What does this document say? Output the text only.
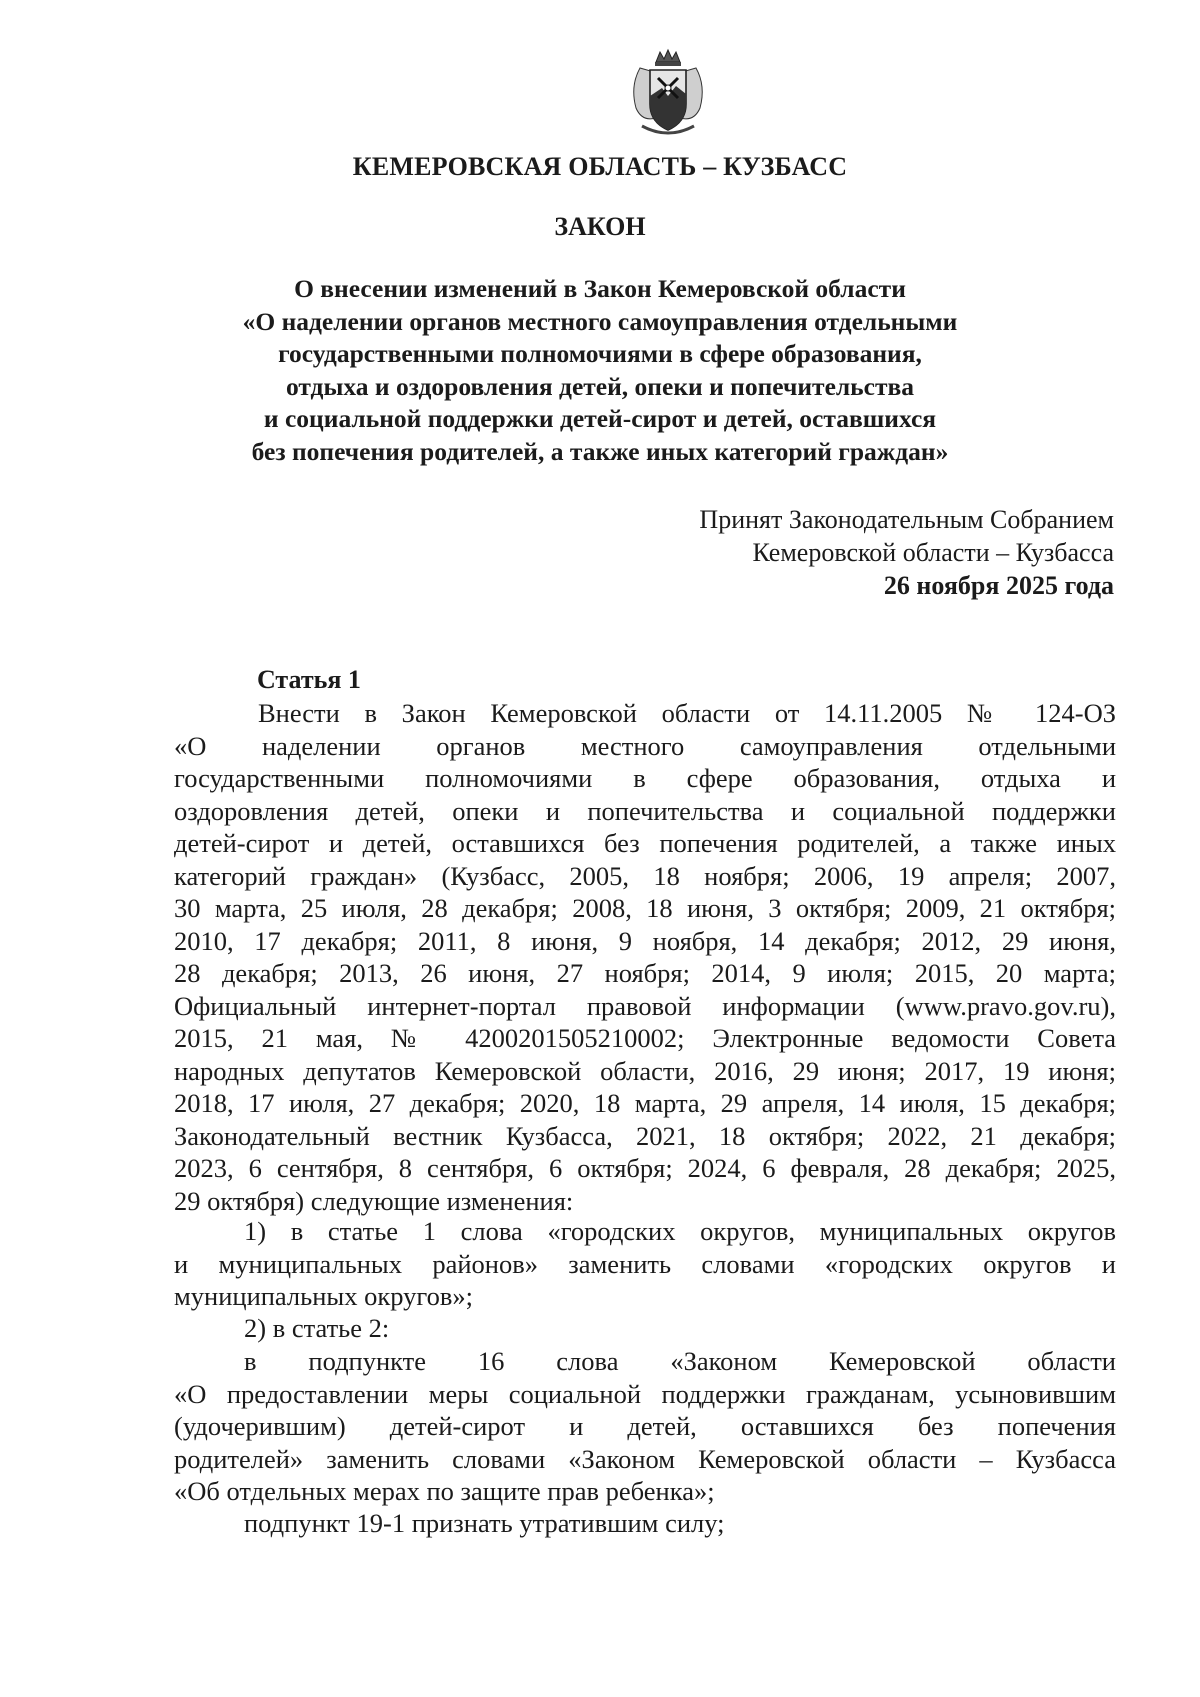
КЕМЕРОВСКАЯ ОБЛАСТЬ – КУЗБАСС
ЗАКОН
О внесении изменений в Закон Кемеровской области
«О наделении органов местного самоуправления отдельными
государственными полномочиями в сфере образования,
отдыха и оздоровления детей, опеки и попечительства
и социальной поддержки детей-сирот и детей, оставшихся
без попечения родителей, а также иных категорий граждан»
Принят Законодательным Собранием
Кемеровской области – Кузбасса
26 ноября 2025 года
Статья 1
Внести в Закон Кемеровской области от 14.11.2005 № 124-ОЗ
«О наделении органов местного самоуправления отдельными
государственными полномочиями в сфере образования, отдыха и
оздоровления детей, опеки и попечительства и социальной поддержки
детей-сирот и детей, оставшихся без попечения родителей, а также иных
категорий граждан» (Кузбасс, 2005, 18 ноября; 2006, 19 апреля; 2007,
30 марта, 25 июля, 28 декабря; 2008, 18 июня, 3 октября; 2009, 21 октября;
2010, 17 декабря; 2011, 8 июня, 9 ноября, 14 декабря; 2012, 29 июня,
28 декабря; 2013, 26 июня, 27 ноября; 2014, 9 июля; 2015, 20 марта;
Официальный интернет-портал правовой информации (www.pravo.gov.ru),
2015, 21 мая, № 4200201505210002; Электронные ведомости Совета
народных депутатов Кемеровской области, 2016, 29 июня; 2017, 19 июня;
2018, 17 июля, 27 декабря; 2020, 18 марта, 29 апреля, 14 июля, 15 декабря;
Законодательный вестник Кузбасса, 2021, 18 октября; 2022, 21 декабря;
2023, 6 сентября, 8 сентября, 6 октября; 2024, 6 февраля, 28 декабря; 2025,
29 октября) следующие изменения:
1) в статье 1 слова «городских округов, муниципальных округов
и муниципальных районов» заменить словами «городских округов и
муниципальных округов»;
2) в статье 2:
в подпункте 16 слова «Законом Кемеровской области
«О предоставлении меры социальной поддержки гражданам, усыновившим
(удочерившим) детей-сирот и детей, оставшихся без попечения
родителей» заменить словами «Законом Кемеровской области – Кузбасса
«Об отдельных мерах по защите прав ребенка»;
подпункт 19-1 признать утратившим силу;
